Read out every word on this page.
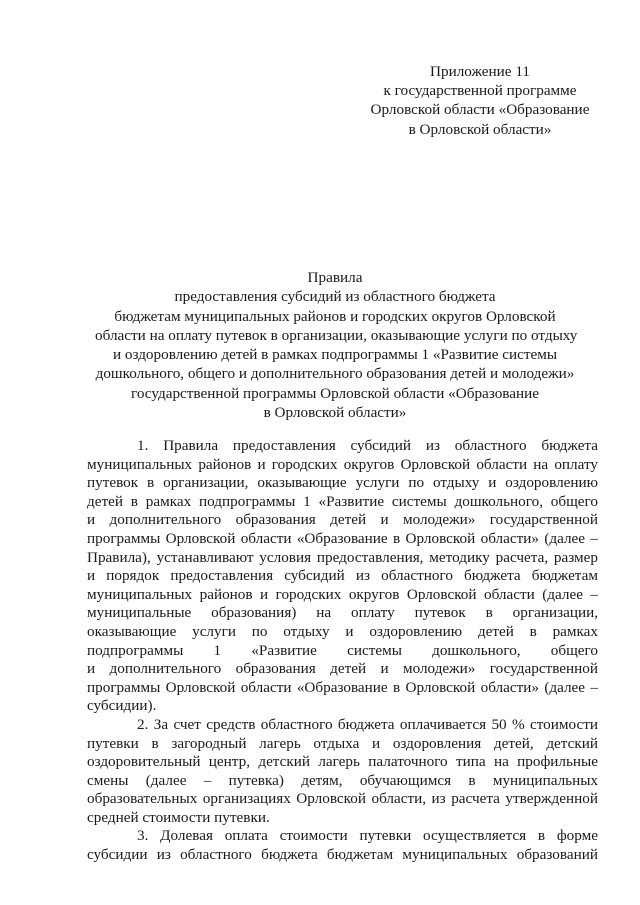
Приложение 11
к государственной программе
Орловской области «Образование
в Орловской области»
Правила
предоставления субсидий из областного бюджета
бюджетам муниципальных районов и городских округов Орловской
области на оплату путевок в организации, оказывающие услуги по отдыху
и оздоровлению детей в рамках подпрограммы 1 «Развитие системы
дошкольного, общего и дополнительного образования детей и молодежи»
государственной программы Орловской области «Образование
в Орловской области»
1. Правила предоставления субсидий из областного бюджета
муниципальных районов и городских округов Орловской области на оплату
путевок в организации, оказывающие услуги по отдыху и оздоровлению
детей в рамках подпрограммы 1 «Развитие системы дошкольного, общего
и дополнительного образования детей и молодежи» государственной
программы Орловской области «Образование в Орловской области» (далее –
Правила), устанавливают условия предоставления, методику расчета, размер
и порядок предоставления субсидий из областного бюджета бюджетам
муниципальных районов и городских округов Орловской области (далее –
муниципальные образования) на оплату путевок в организации,
оказывающие услуги по отдыху и оздоровлению детей в рамках
подпрограммы 1 «Развитие системы дошкольного, общего
и дополнительного образования детей и молодежи» государственной
программы Орловской области «Образование в Орловской области» (далее –
субсидии).
2. За счет средств областного бюджета оплачивается 50 % стоимости
путевки в загородный лагерь отдыха и оздоровления детей, детский
оздоровительный центр, детский лагерь палаточного типа на профильные
смены (далее – путевка) детям, обучающимся в муниципальных
образовательных организациях Орловской области, из расчета утвержденной
средней стоимости путевки.
3. Долевая оплата стоимости путевки осуществляется в форме
субсидии из областного бюджета бюджетам муниципальных образований
